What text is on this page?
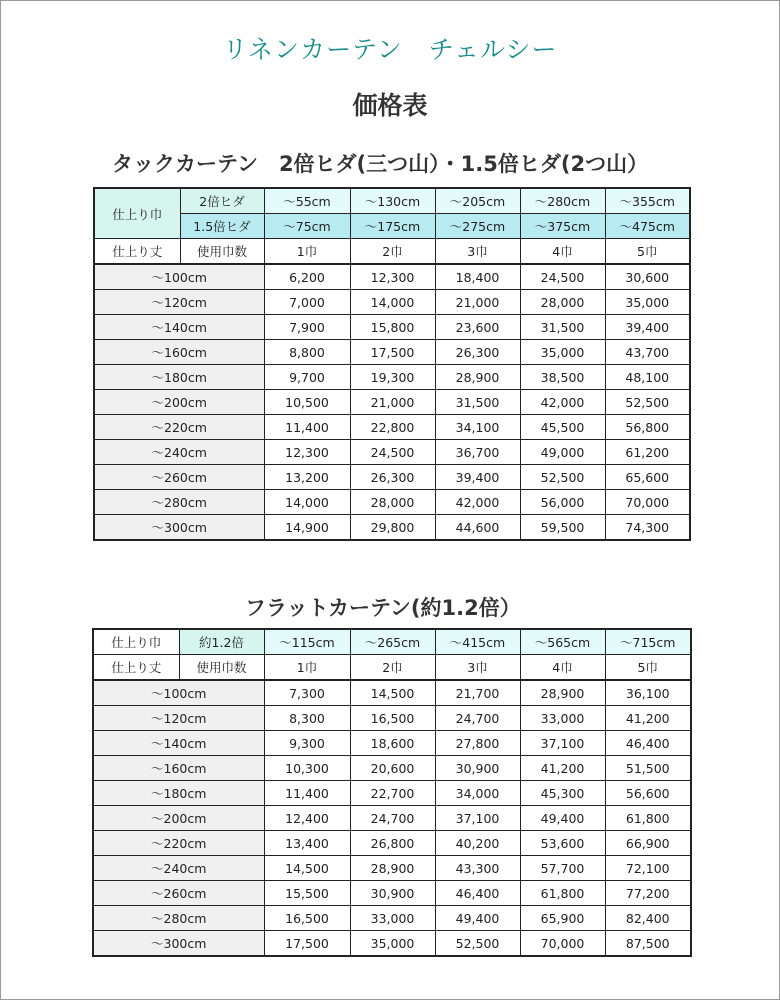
リネンカーテン　チェルシー
価格表
タックカーテン　2倍ヒダ(三つ山）・1.5倍ヒダ(2つ山）
仕上り巾	2倍ヒダ	～55cm	～130cm	～205cm	～280cm	～355cm
	1.5倍ヒダ	～75cm	～175cm	～275cm	～375cm	～475cm
仕上り丈	使用巾数	1巾	2巾	3巾	4巾	5巾
～100cm		6,200	12,300	18,400	24,500	30,600
～120cm		7,000	14,000	21,000	28,000	35,000
～140cm		7,900	15,800	23,600	31,500	39,400
～160cm		8,800	17,500	26,300	35,000	43,700
～180cm		9,700	19,300	28,900	38,500	48,100
～200cm		10,500	21,000	31,500	42,000	52,500
～220cm		11,400	22,800	34,100	45,500	56,800
～240cm		12,300	24,500	36,700	49,000	61,200
～260cm		13,200	26,300	39,400	52,500	65,600
～280cm		14,000	28,000	42,000	56,000	70,000
～300cm		14,900	29,800	44,600	59,500	74,300
フラットカーテン(約1.2倍）
仕上り巾	約1.2倍	～115cm	～265cm	～415cm	～565cm	～715cm
仕上り丈	使用巾数	1巾	2巾	3巾	4巾	5巾
～100cm		7,300	14,500	21,700	28,900	36,100
～120cm		8,300	16,500	24,700	33,000	41,200
～140cm		9,300	18,600	27,800	37,100	46,400
～160cm		10,300	20,600	30,900	41,200	51,500
～180cm		11,400	22,700	34,000	45,300	56,600
～200cm		12,400	24,700	37,100	49,400	61,800
～220cm		13,400	26,800	40,200	53,600	66,900
～240cm		14,500	28,900	43,300	57,700	72,100
～260cm		15,500	30,900	46,400	61,800	77,200
～280cm		16,500	33,000	49,400	65,900	82,400
～300cm		17,500	35,000	52,500	70,000	87,500
